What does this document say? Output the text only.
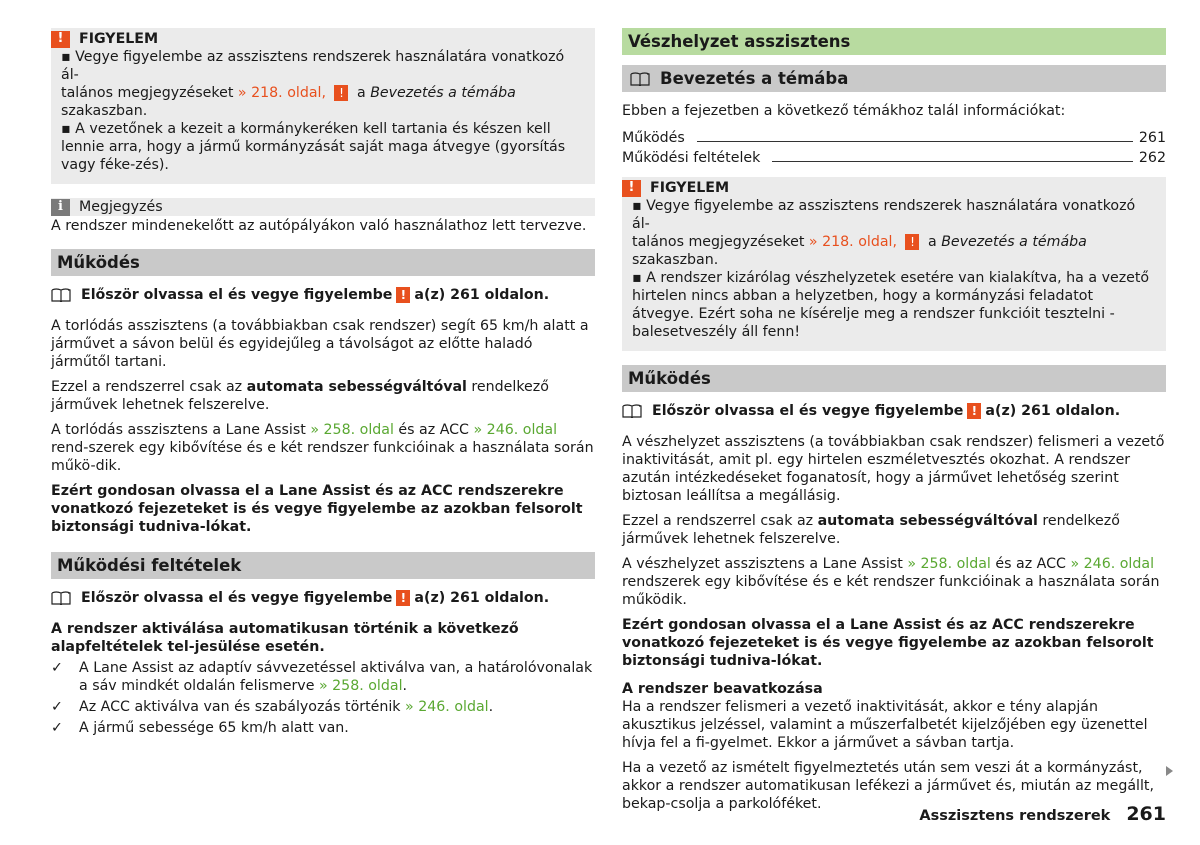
!	FIGYELEM
▪ Vegye figyelembe az asszisztens rendszerek használatára vonatkozó ál-
talános megjegyzéseket » 218. oldal, ! a Bevezetés a témába szakaszban.
▪ A vezetőnek a kezeit a kormánykeréken kell tartania és készen kell lennie arra, hogy a jármű kormányzását saját maga átvegye (gyorsítás vagy féke-zés).
i	Megjegyzés

A rendszer mindenekelőtt az autópályákon való használathoz lett tervezve.

Működés
Először olvassa el és vegye figyelembe ! a(z) 261 oldalon.

A torlódás asszisztens (a továbbiakban csak rendszer) segít 65 km/h alatt a járművet a sávon belül és egyidejűleg a távolságot az előtte haladó járműtől tartani.

Ezzel a rendszerrel csak az automata sebességváltóval rendelkező járművek lehetnek felszerelve.

A torlódás asszisztens a Lane Assist » 258. oldal és az ACC » 246. oldal rend-szerek egy kibővítése és e két rendszer funkcióinak a használata során műkö-dik.

Ezért gondosan olvassa el a Lane Assist és az ACC rendszerekre vonatkozó fejezeteket is és vegye figyelembe az azokban felsorolt biztonsági tudniva-lókat.

Működési feltételek
Először olvassa el és vegye figyelembe ! a(z) 261 oldalon.

A rendszer aktiválása automatikusan történik a következő alapfeltételek tel-jesülése esetén.

✓	A Lane Assist az adaptív sávvezetéssel aktiválva van, a határolóvonalak a sáv mindkét oldalán felismerve » 258. oldal.
✓	Az ACC aktiválva van és szabályozás történik » 246. oldal.
✓	A jármű sebessége 65 km/h alatt van.
Vészhelyzet asszisztens
Bevezetés a témába

Ebben a fejezetben a következő témákhoz talál információkat:

Működés	261
Működési feltételek	262
!	FIGYELEM
▪ Vegye figyelembe az asszisztens rendszerek használatára vonatkozó ál-
talános megjegyzéseket » 218. oldal, ! a Bevezetés a témába szakaszban.
▪ A rendszer kizárólag vészhelyzetek esetére van kialakítva, ha a vezető hirtelen nincs abban a helyzetben, hogy a kormányzási feladatot átvegye. Ezért soha ne kísérelje meg a rendszer funkcióit tesztelni - balesetveszély áll fenn!
Működés
Először olvassa el és vegye figyelembe ! a(z) 261 oldalon.

A vészhelyzet asszisztens (a továbbiakban csak rendszer) felismeri a vezető inaktivitását, amit pl. egy hirtelen eszméletvesztés okozhat. A rendszer azután intézkedéseket foganatosít, hogy a járművet lehetőség szerint biztosan leállítsa a megállásig.

Ezzel a rendszerrel csak az automata sebességváltóval rendelkező járművek lehetnek felszerelve.

A vészhelyzet asszisztens a Lane Assist » 258. oldal és az ACC » 246. oldal rendszerek egy kibővítése és e két rendszer funkcióinak a használata során működik.

Ezért gondosan olvassa el a Lane Assist és az ACC rendszerekre vonatkozó fejezeteket is és vegye figyelembe az azokban felsorolt biztonsági tudniva-lókat.

A rendszer beavatkozása

Ha a rendszer felismeri a vezető inaktivitását, akkor e tény alapján akusztikus jelzéssel, valamint a műszerfalbetét kijelzőjében egy üzenettel hívja fel a fi-gyelmet. Ekkor a járművet a sávban tartja.

Ha a vezető az ismételt figyelmeztetés után sem veszi át a kormányzást, akkor a rendszer automatikusan lefékezi a járművet és, miután az megállt, bekap-csolja a parkolóféket.

Asszisztens rendszerek 261
